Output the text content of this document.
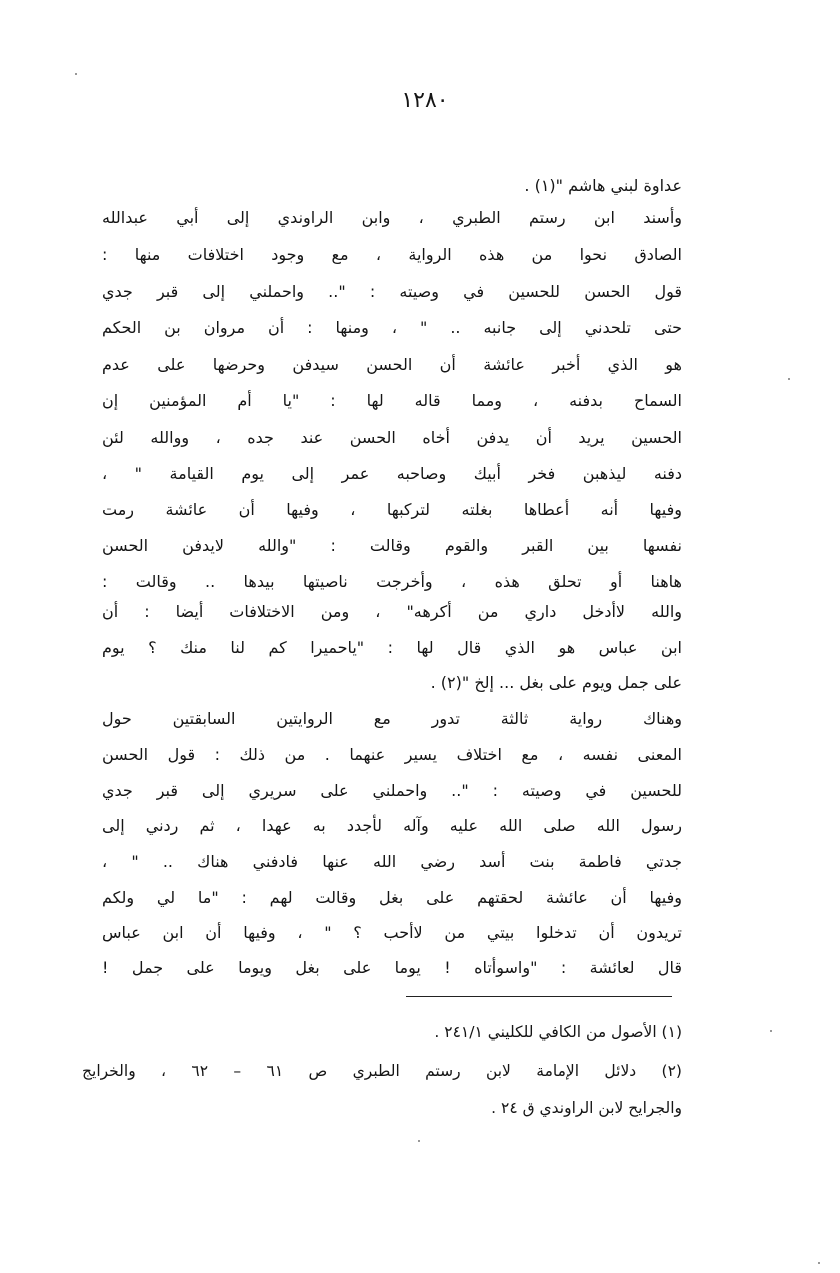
١٢٨٠
عداوة لبني هاشم "(١) .
وأسند ابن رستم الطبري ، وابن الراوندي إلى أبي عبدالله
الصادق نحوا من هذه الرواية ، مع وجود اختلافات منها :
قول الحسن للحسين في وصيته : ".. واحملني إلى قبر جدي
حتى تلحدني إلى جانبه .. " ، ومنها : أن مروان بن الحكم
هو الذي أخبر عائشة أن الحسن سيدفن وحرضها على عدم
السماح بدفنه ، ومما قاله لها : "يا أم المؤمنين إن
الحسين يريد أن يدفن أخاه الحسن عند جده ، ووالله لئن
دفنه ليذهبن فخر أبيك وصاحبه عمر إلى يوم القيامة " ،
وفيها أنه أعطاها بغلته لتركبها ، وفيها أن عائشة رمت
نفسها بين القبر والقوم وقالت : "والله لايدفن الحسن
هاهنا أو تحلق هذه ، وأخرجت ناصيتها بيدها .. وقالت :
والله لاأدخل داري من أكرهه" ، ومن الاختلافات أيضا : أن
ابن عباس هو الذي قال لها : "ياحميرا كم لنا منك ؟ يوم
على جمل ويوم على بغل ... إلخ "(٢) .
وهناك رواية ثالثة تدور مع الروايتين السابقتين حول
المعنى نفسه ، مع اختلاف يسير عنهما . من ذلك : قول الحسن
للحسين في وصيته : ".. واحملني على سريري إلى قبر جدي
رسول الله صلى الله عليه وآله لأجدد به عهدا ، ثم ردني إلى
جدتي فاطمة بنت أسد رضي الله عنها فادفني هناك .. " ،
وفيها أن عائشة لحقتهم على بغل وقالت لهم : "ما لي ولكم
تريدون أن تدخلوا بيتي من لاأحب ؟ " ، وفيها أن ابن عباس
قال لعائشة : "واسوأتاه ! يوما على بغل ويوما على جمل !
(١) الأصول من الكافي للكليني ٢٤١/١ .
(٢) دلائل الإمامة لابن رستم الطبري ص ٦١ – ٦٢ ، والخرايج
والجرايح لابن الراوندي ق ٢٤ .
